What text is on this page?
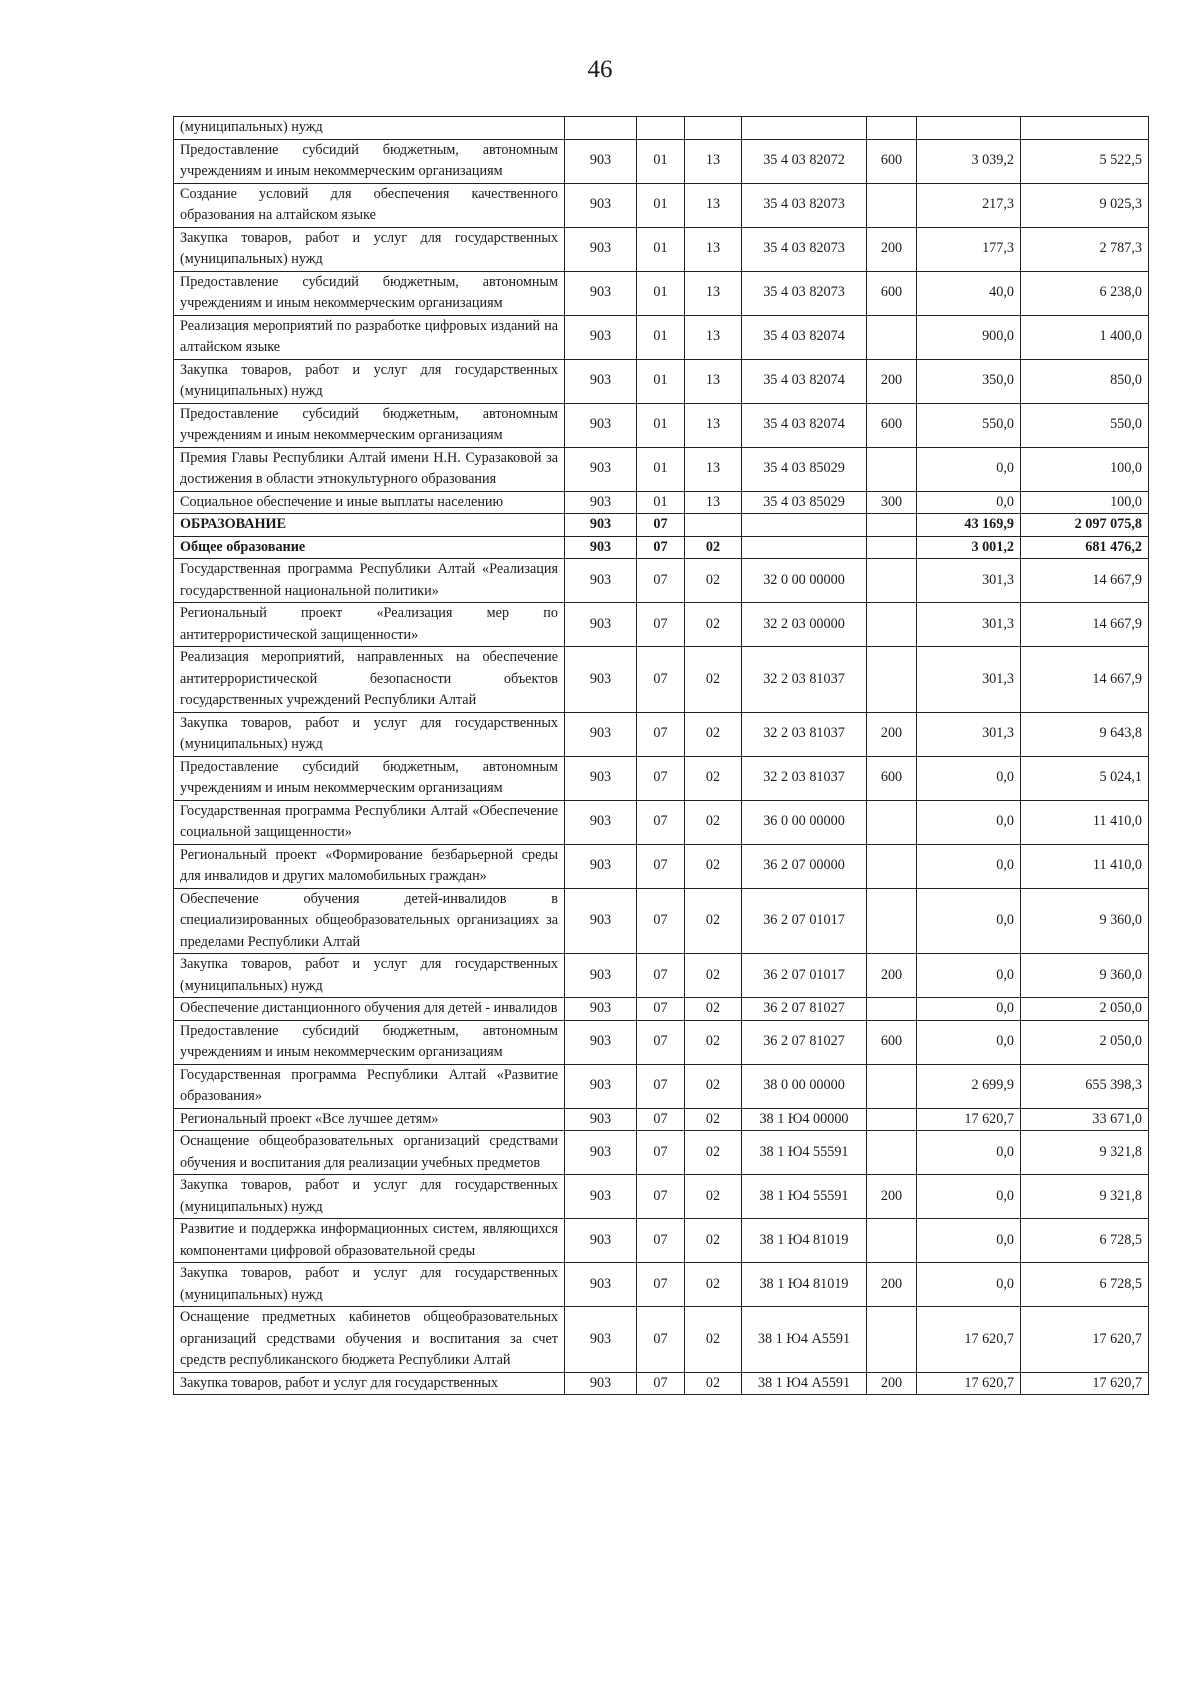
46
(муниципальных) нужд							
Предоставление субсидий бюджетным, автономным учреждениям и иным некоммерческим организациям	903	01	13	35 4 03 82072	600	3 039,2	5 522,5
Создание условий для обеспечения качественного образования на алтайском языке	903	01	13	35 4 03 82073		217,3	9 025,3
Закупка товаров, работ и услуг для государственных (муниципальных) нужд	903	01	13	35 4 03 82073	200	177,3	2 787,3
Предоставление субсидий бюджетным, автономным учреждениям и иным некоммерческим организациям	903	01	13	35 4 03 82073	600	40,0	6 238,0
Реализация мероприятий по разработке цифровых изданий на алтайском языке	903	01	13	35 4 03 82074		900,0	1 400,0
Закупка товаров, работ и услуг для государственных (муниципальных) нужд	903	01	13	35 4 03 82074	200	350,0	850,0
Предоставление субсидий бюджетным, автономным учреждениям и иным некоммерческим организациям	903	01	13	35 4 03 82074	600	550,0	550,0
Премия Главы Республики Алтай имени Н.Н. Суразаковой за достижения в области этнокультурного образования	903	01	13	35 4 03 85029		0,0	100,0
Социальное обеспечение и иные выплаты населению	903	01	13	35 4 03 85029	300	0,0	100,0
ОБРАЗОВАНИЕ	903	07				43 169,9	2 097 075,8
Общее образование	903	07	02			3 001,2	681 476,2
Государственная программа Республики Алтай «Реализация государственной национальной политики»	903	07	02	32 0 00 00000		301,3	14 667,9
Региональный проект «Реализация мер по антитеррористической защищенности»	903	07	02	32 2 03 00000		301,3	14 667,9
Реализация мероприятий, направленных на обеспечение антитеррористической безопасности объектов государственных учреждений Республики Алтай	903	07	02	32 2 03 81037		301,3	14 667,9
Закупка товаров, работ и услуг для государственных (муниципальных) нужд	903	07	02	32 2 03 81037	200	301,3	9 643,8
Предоставление субсидий бюджетным, автономным учреждениям и иным некоммерческим организациям	903	07	02	32 2 03 81037	600	0,0	5 024,1
Государственная программа Республики Алтай «Обеспечение социальной защищенности»	903	07	02	36 0 00 00000		0,0	11 410,0
Региональный проект «Формирование безбарьерной среды для инвалидов и других маломобильных граждан»	903	07	02	36 2 07 00000		0,0	11 410,0
Обеспечение обучения детей-инвалидов в специализированных общеобразовательных организациях за пределами Республики Алтай	903	07	02	36 2 07 01017		0,0	9 360,0
Закупка товаров, работ и услуг для государственных (муниципальных) нужд	903	07	02	36 2 07 01017	200	0,0	9 360,0
Обеспечение дистанционного обучения для детей - инвалидов	903	07	02	36 2 07 81027		0,0	2 050,0
Предоставление субсидий бюджетным, автономным учреждениям и иным некоммерческим организациям	903	07	02	36 2 07 81027	600	0,0	2 050,0
Государственная программа Республики Алтай «Развитие образования»	903	07	02	38 0 00 00000		2 699,9	655 398,3
Региональный проект «Все лучшее детям»	903	07	02	38 1 Ю4 00000		17 620,7	33 671,0
Оснащение общеобразовательных организаций средствами обучения и воспитания для реализации учебных предметов	903	07	02	38 1 Ю4 55591		0,0	9 321,8
Закупка товаров, работ и услуг для государственных (муниципальных) нужд	903	07	02	38 1 Ю4 55591	200	0,0	9 321,8
Развитие и поддержка информационных систем, являющихся компонентами цифровой образовательной среды	903	07	02	38 1 Ю4 81019		0,0	6 728,5
Закупка товаров, работ и услуг для государственных (муниципальных) нужд	903	07	02	38 1 Ю4 81019	200	0,0	6 728,5
Оснащение предметных кабинетов общеобразовательных организаций средствами обучения и воспитания за счет средств республиканского бюджета Республики Алтай	903	07	02	38 1 Ю4 А5591		17 620,7	17 620,7
Закупка товаров, работ и услуг для государственных	903	07	02	38 1 Ю4 А5591	200	17 620,7	17 620,7
